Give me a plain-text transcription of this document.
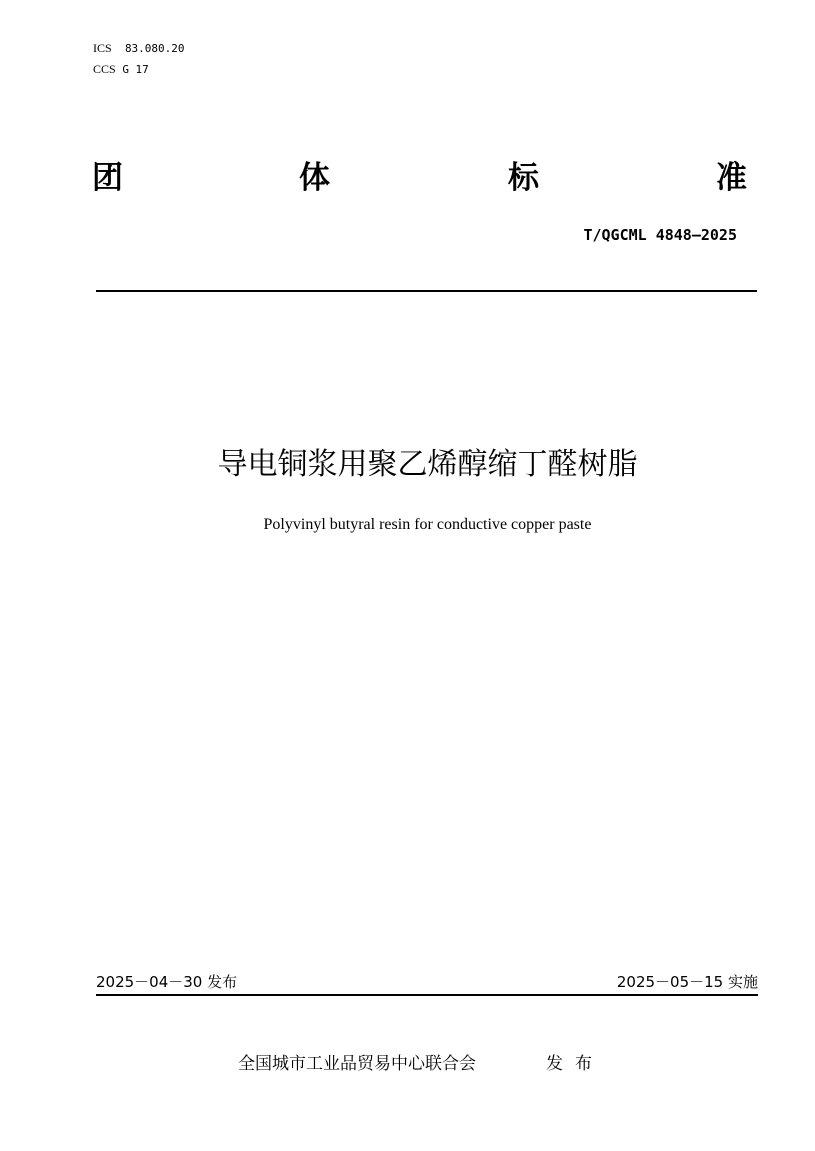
ICS 83.080.20
CCS G 17
团	体	标	准
T/QGCML 4848—2025
导电铜浆用聚乙烯醇缩丁醛树脂
Polyvinyl butyral resin for conductive copper paste
2025－04－30 发布	2025－05－15 实施
全国城市工业品贸易中心联合会	发布
